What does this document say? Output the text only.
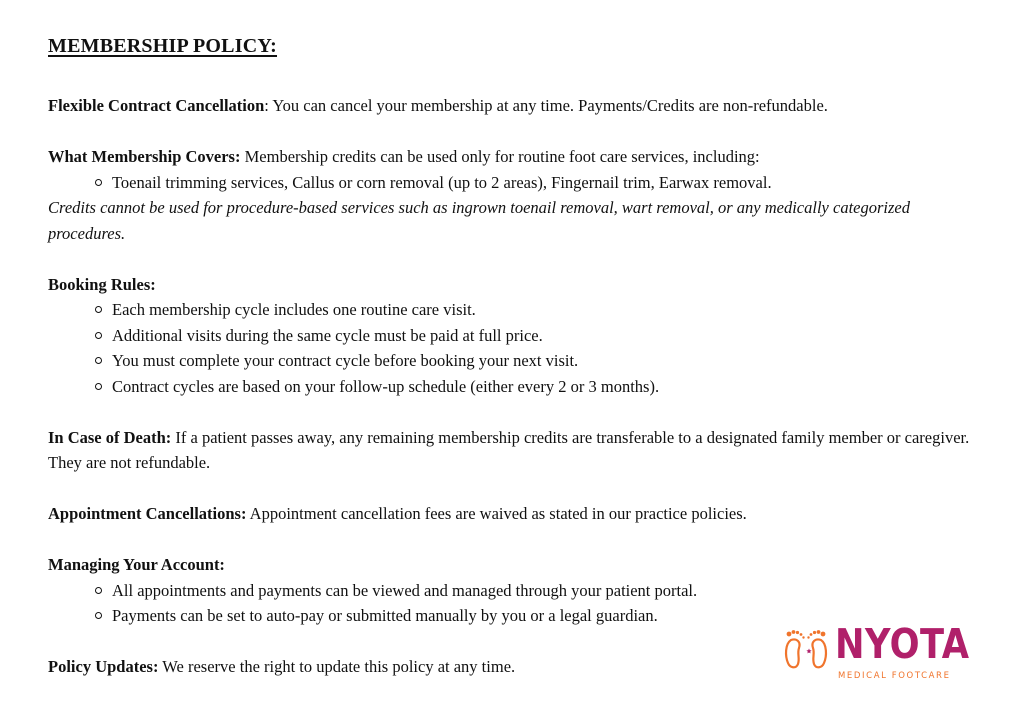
MEMBERSHIP POLICY:

Flexible Contract Cancellation: You can cancel your membership at any time. Payments/Credits are non-refundable.

What Membership Covers: Membership credits can be used only for routine foot care services, including:

Toenail trimming services, Callus or corn removal (up to 2 areas), Fingernail trim, Earwax removal.

Credits cannot be used for procedure-based services such as ingrown toenail removal, wart removal, or any medically categorized procedures.

Booking Rules:

Each membership cycle includes one routine care visit.
Additional visits during the same cycle must be paid at full price.
You must complete your contract cycle before booking your next visit.
Contract cycles are based on your follow-up schedule (either every 2 or 3 months).

In Case of Death: If a patient passes away, any remaining membership credits are transferable to a designated family member or caregiver. They are not refundable.

Appointment Cancellations: Appointment cancellation fees are waived as stated in our practice policies.

Managing Your Account:

All appointments and payments can be viewed and managed through your patient portal.
Payments can be set to auto-pay or submitted manually by you or a legal guardian.

Policy Updates: We reserve the right to update this policy at any time.	NYOTA
MEDICAL FOOTCARE
